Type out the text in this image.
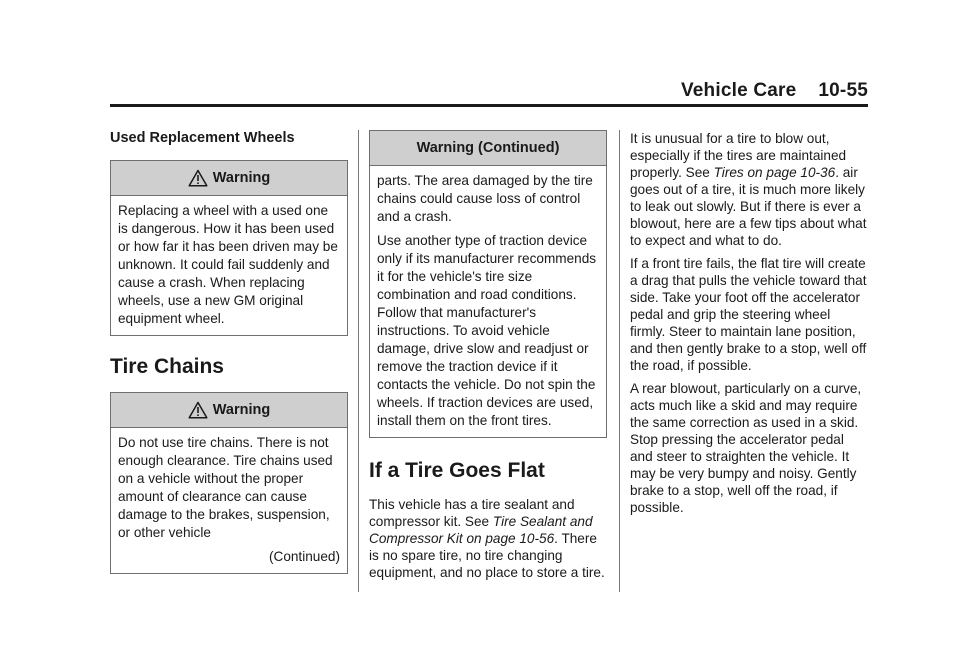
Vehicle Care 10-55
Used Replacement Wheels
Warning

Replacing a wheel with a used one is dangerous. How it has been used or how far it has been driven may be unknown. It could fail suddenly and cause a crash. When replacing wheels, use a new GM original equipment wheel.

Tire Chains
Warning

Do not use tire chains. There is not enough clearance. Tire chains used on a vehicle without the proper amount of clearance can cause damage to the brakes, suspension, or other vehicle

(Continued)
Warning (Continued)

parts. The area damaged by the tire chains could cause loss of control and a crash.

Use another type of traction device only if its manufacturer recommends it for the vehicle's tire size combination and road conditions. Follow that manufacturer's instructions. To avoid vehicle damage, drive slow and readjust or remove the traction device if it contacts the vehicle. Do not spin the wheels. If traction devices are used, install them on the front tires.

If a Tire Goes Flat

This vehicle has a tire sealant and compressor kit. See Tire Sealant and Compressor Kit on page 10-56. There is no spare tire, no tire changing equipment, and no place to store a tire.

It is unusual for a tire to blow out, especially if the tires are maintained properly. See Tires on page 10-36. air goes out of a tire, it is much more likely to leak out slowly. But if there is ever a blowout, here are a few tips about what to expect and what to do.

If a front tire fails, the flat tire will create a drag that pulls the vehicle toward that side. Take your foot off the accelerator pedal and grip the steering wheel firmly. Steer to maintain lane position, and then gently brake to a stop, well off the road, if possible.

A rear blowout, particularly on a curve, acts much like a skid and may require the same correction as used in a skid. Stop pressing the accelerator pedal and steer to straighten the vehicle. It may be very bumpy and noisy. Gently brake to a stop, well off the road, if possible.
